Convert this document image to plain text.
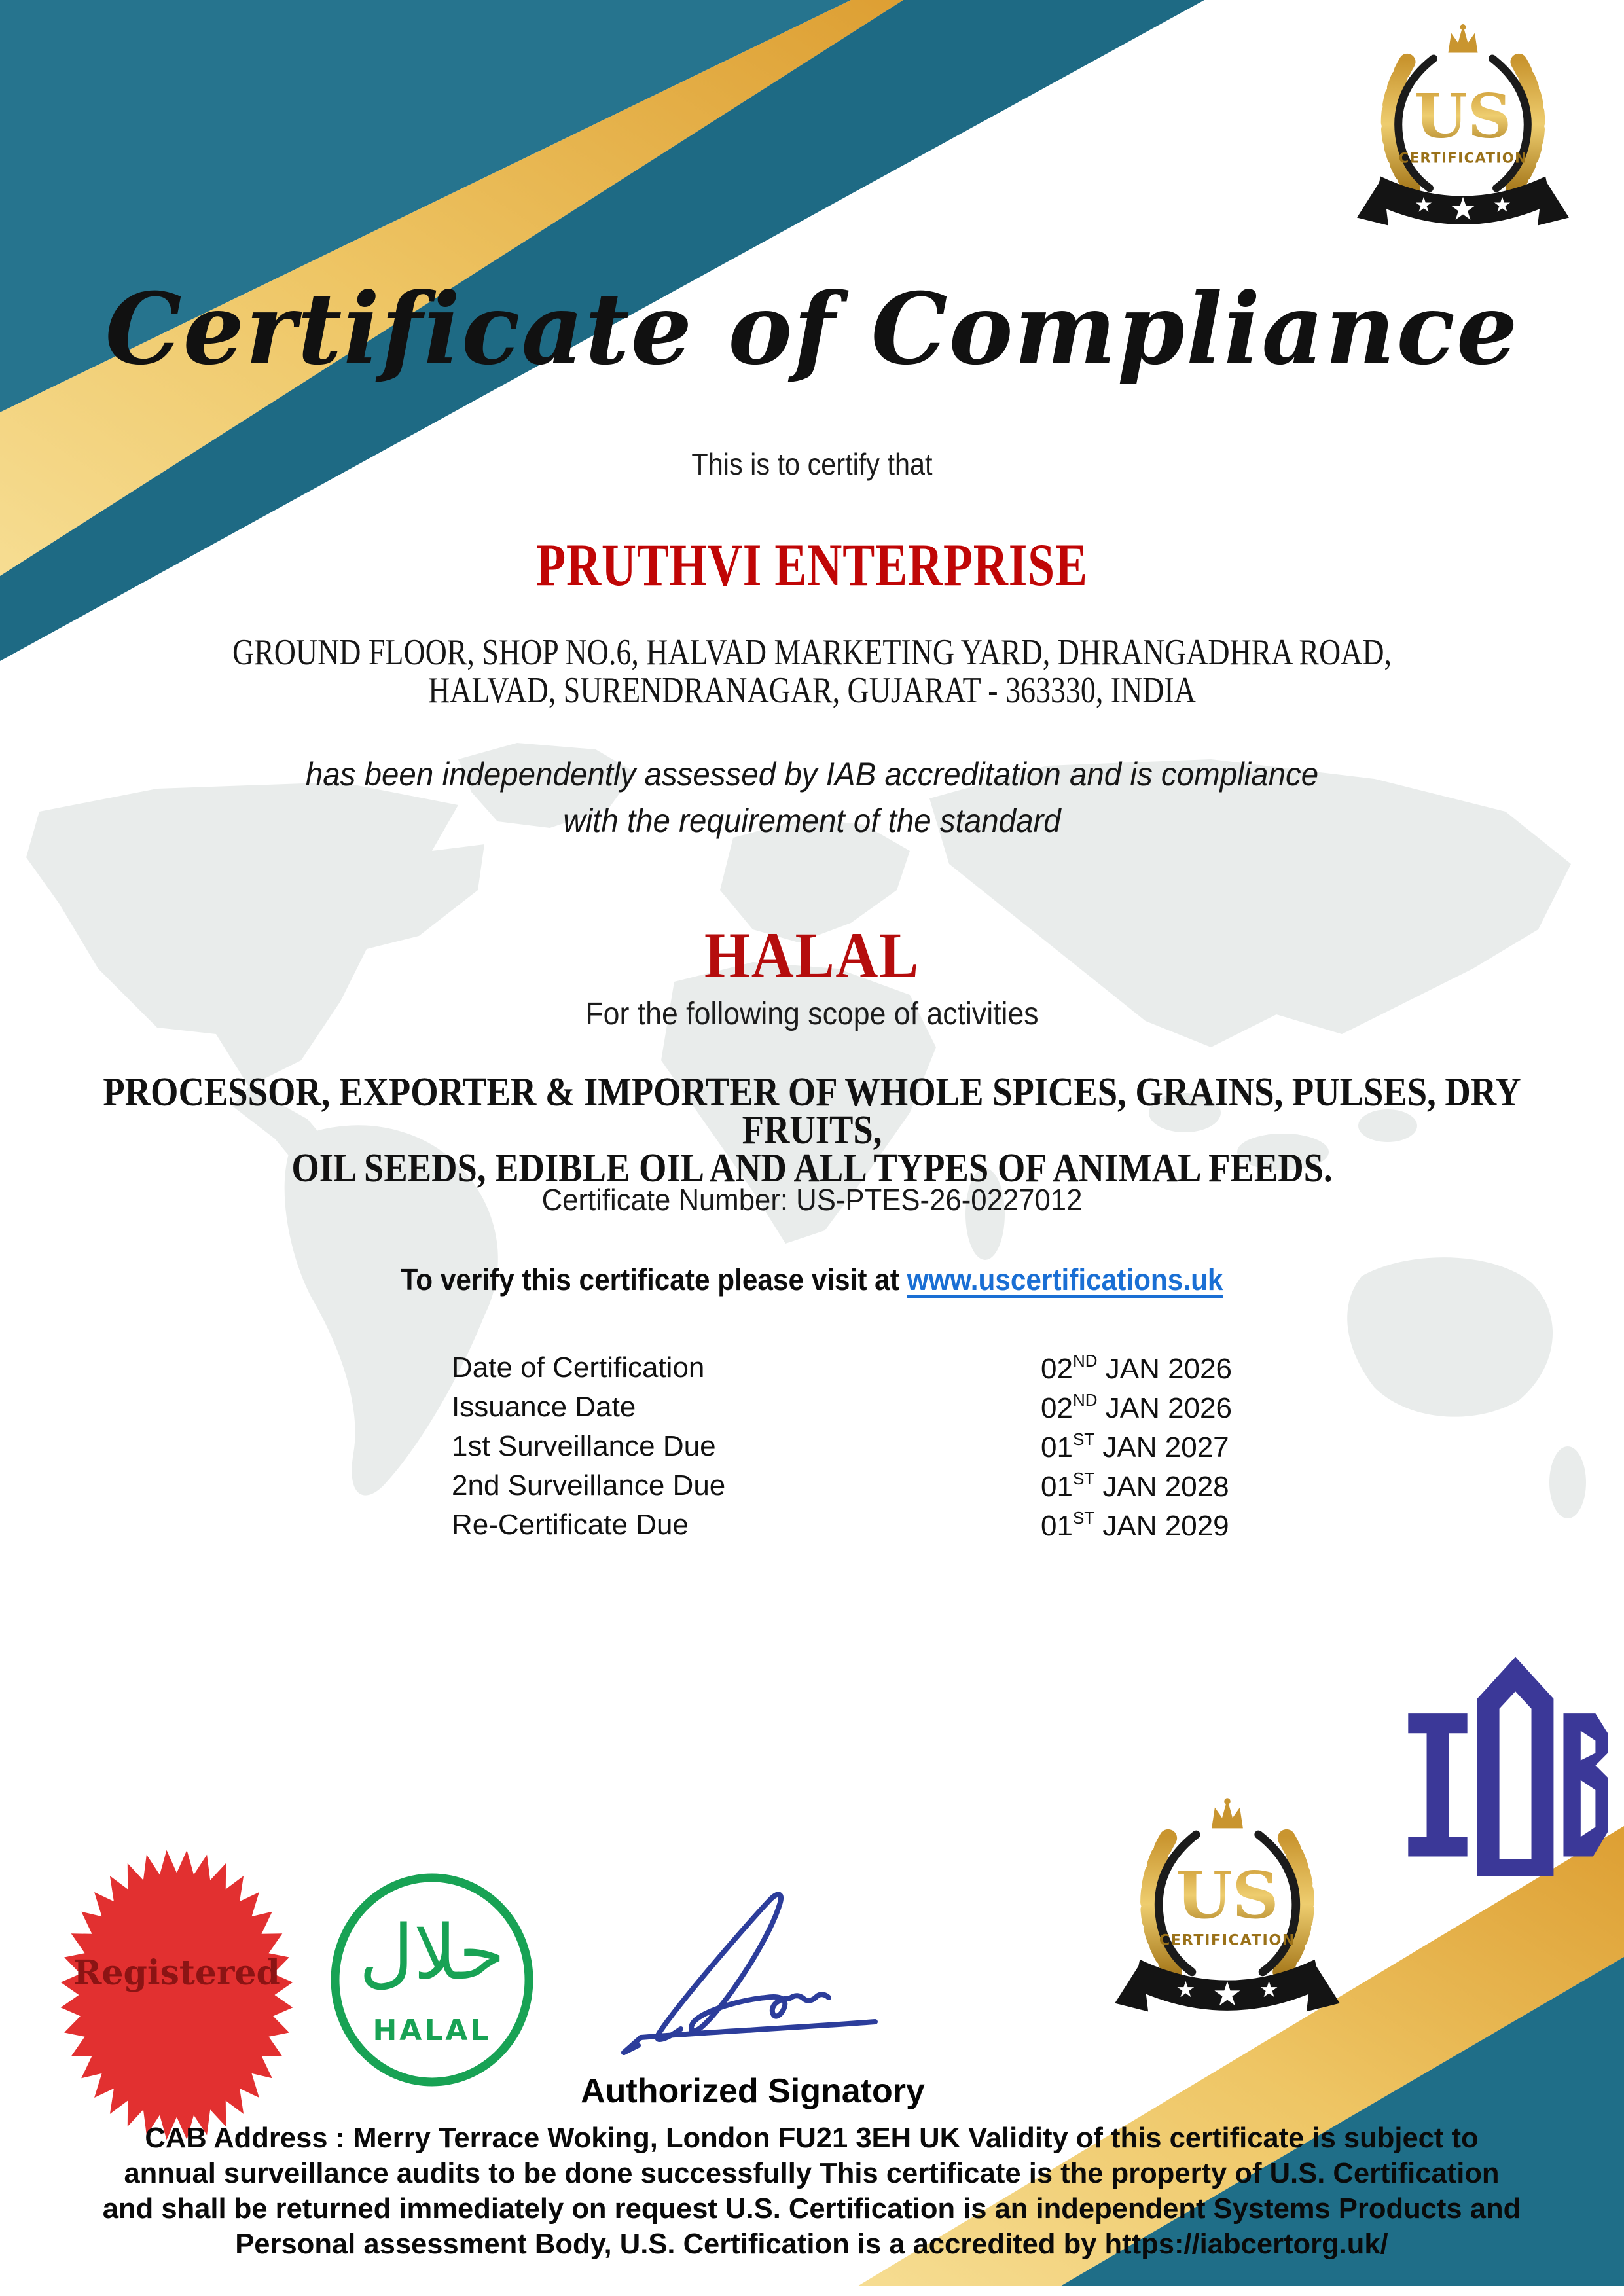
US
CERTIFICATION
★
★	★
Certificate of Compliance
This is to certify that
PRUTHVI ENTERPRISE
GROUND FLOOR, SHOP NO.6, HALVAD MARKETING YARD, DHRANGADHRA ROAD,
HALVAD, SURENDRANAGAR, GUJARAT - 363330, INDIA
has been independently assessed by IAB accreditation and is compliance
with the requirement of the standard
HALAL
For the following scope of activities
PROCESSOR, EXPORTER & IMPORTER OF WHOLE SPICES, GRAINS, PULSES, DRY FRUITS,
OIL SEEDS, EDIBLE OIL AND ALL TYPES OF ANIMAL FEEDS.
Certificate Number: US-PTES-26-0227012
To verify this certificate please visit at www.uscertifications.uk
Date of Certification	02ND JAN 2026
Issuance Date	02ND JAN 2026
1st Surveillance Due	01ST JAN 2027
2nd Surveillance Due	01ST JAN 2028
Re-Certificate Due	01ST JAN 2029
Registered حلال
HALAL
Authorized Signatory
US
CERTIFICATION
★
★	★
CAB Address : Merry Terrace Woking, London FU21 3EH UK Validity of this certificate is subject to
annual surveillance audits to be done successfully This certificate is the property of U.S. Certification
and shall be returned immediately on request U.S. Certification is an independent Systems Products and
Personal assessment Body, U.S. Certification is a accredited by https://iabcertorg.uk/
